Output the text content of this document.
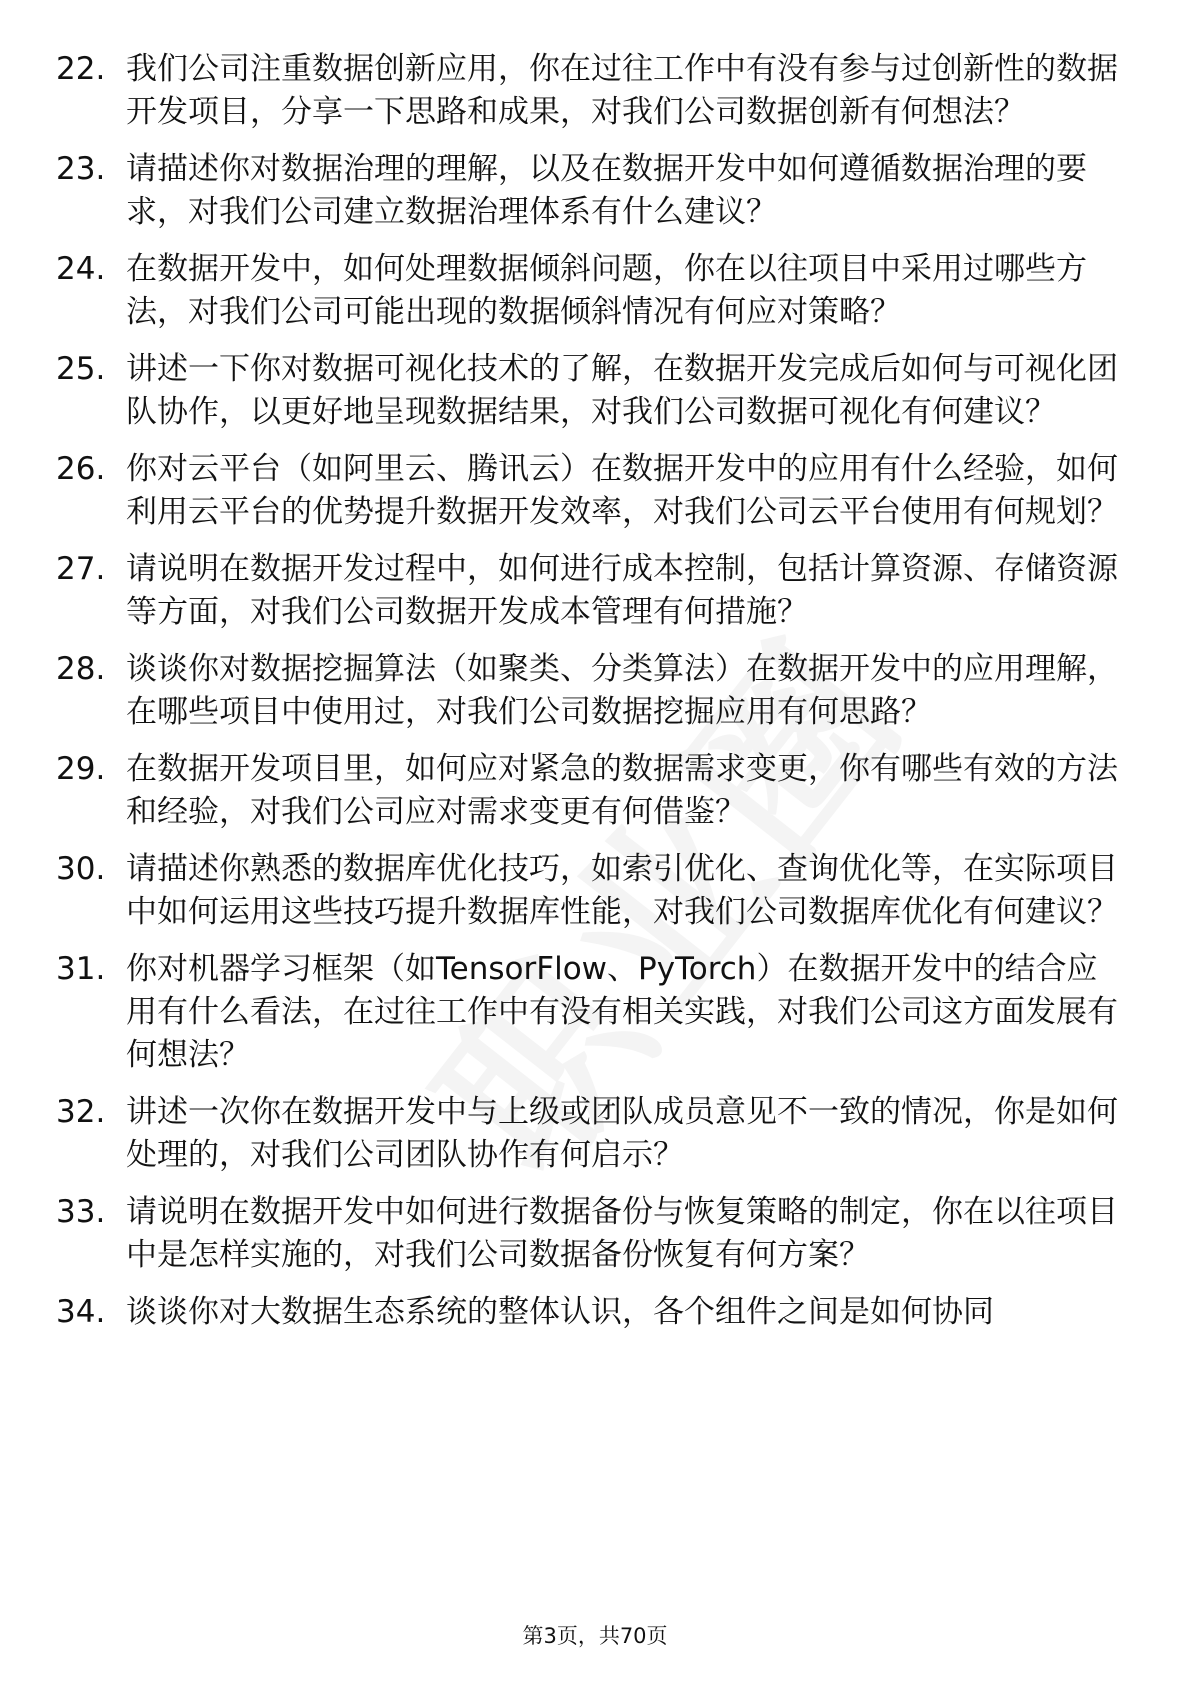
22. 我们公司注重数据创新应用，你在过往工作中有没有参与过创新性的数据开发项目，分享一下思路和成果，对我们公司数据创新有何想法？
23. 请描述你对数据治理的理解，以及在数据开发中如何遵循数据治理的要求，对我们公司建立数据治理体系有什么建议？
24. 在数据开发中，如何处理数据倾斜问题，你在以往项目中采用过哪些方法，对我们公司可能出现的数据倾斜情况有何应对策略？
25. 讲述一下你对数据可视化技术的了解，在数据开发完成后如何与可视化团队协作，以更好地呈现数据结果，对我们公司数据可视化有何建议？
26. 你对云平台（如阿里云、腾讯云）在数据开发中的应用有什么经验，如何利用云平台的优势提升数据开发效率，对我们公司云平台使用有何规划？
27. 请说明在数据开发过程中，如何进行成本控制，包括计算资源、存储资源等方面，对我们公司数据开发成本管理有何措施？
28. 谈谈你对数据挖掘算法（如聚类、分类算法）在数据开发中的应用理解，在哪些项目中使用过，对我们公司数据挖掘应用有何思路？
29. 在数据开发项目里，如何应对紧急的数据需求变更，你有哪些有效的方法和经验，对我们公司应对需求变更有何借鉴？
30. 请描述你熟悉的数据库优化技巧，如索引优化、查询优化等，在实际项目中如何运用这些技巧提升数据库性能，对我们公司数据库优化有何建议？
31. 你对机器学习框架（如TensorFlow、PyTorch）在数据开发中的结合应用有什么看法，在过往工作中有没有相关实践，对我们公司这方面发展有何想法？
32. 讲述一次你在数据开发中与上级或团队成员意见不一致的情况，你是如何处理的，对我们公司团队协作有何启示？
33. 请说明在数据开发中如何进行数据备份与恢复策略的制定，你在以往项目中是怎样实施的，对我们公司数据备份恢复有何方案？
34. 谈谈你对大数据生态系统的整体认识，各个组件之间是如何协同
第3页，共70页
